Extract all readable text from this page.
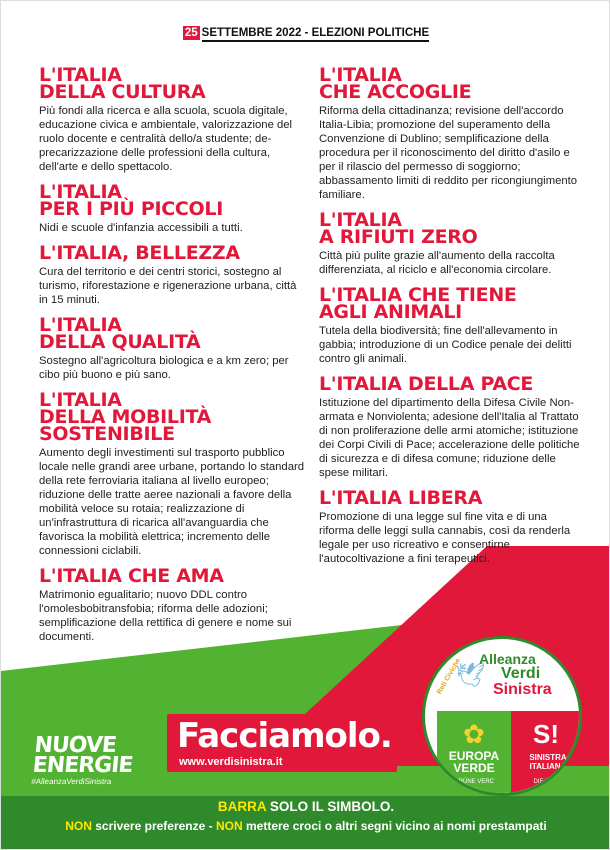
25 SETTEMBRE 2022 - ELEZIONI POLITICHE
L'ITALIA
DELLA CULTURA

Più fondi alla ricerca e alla scuola, scuola digitale, educazione civica e ambientale, valorizzazione del ruolo docente e centralità dello/a studente; de-precarizzazione delle professioni della cultura, dell'arte e dello spettacolo.

L'ITALIA
PER I PIÙ PICCOLI

Nidi e scuole d'infanzia accessibili a tutti.

L'ITALIA, BELLEZZA

Cura del territorio e dei centri storici, sostegno al turismo, riforestazione e rigenerazione urbana, città in 15 minuti.

L'ITALIA
DELLA QUALITÀ

Sostegno all'agricoltura biologica e a km zero; per cibo più buono e più sano.

L'ITALIA
DELLA MOBILITÀ
SOSTENIBILE

Aumento degli investimenti sul trasporto pubblico locale nelle grandi aree urbane, portando lo standard della rete ferroviaria italiana al livello europeo; riduzione delle tratte aeree nazionali a favore della mobilità veloce su rotaia; realizzazione di un'infrastruttura di ricarica all'avanguardia che favorisca la mobilità elettrica; incremento delle connessioni ciclabili.

L'ITALIA CHE AMA

Matrimonio egualitario; nuovo DDL contro l'omolesbobitransfobia; riforma delle adozioni; semplificazione della rettifica di genere e nome sui documenti.

L'ITALIA
CHE ACCOGLIE

Riforma della cittadinanza; revisione dell'accordo Italia-Libia; promozione del superamento della Convenzione di Dublino; semplificazione della procedura per il riconoscimento del diritto d'asilo e per il rilascio del permesso di soggiorno; abbassamento limiti di reddito per ricongiungimento familiare.

L'ITALIA
A RIFIUTI ZERO

Città più pulite grazie all'aumento della raccolta differenziata, al riciclo e all'economia circolare.

L'ITALIA CHE TIENE
AGLI ANIMALI

Tutela della biodiversità; fine dell'allevamento in gabbia; introduzione di un Codice penale dei delitti contro gli animali.

L'ITALIA DELLA PACE

Istituzione del dipartimento della Difesa Civile Non-armata e Nonviolenta; adesione dell'Italia al Trattato di non proliferazione delle armi atomiche; istituzione dei Corpi Civili di Pace; accelerazione delle politiche di sicurezza e di difesa comune; riduzione delle spese militari.

L'ITALIA LIBERA

Promozione di una legge sul fine vita e di una riforma delle leggi sulla cannabis, così da renderla legale per uso ricreativo e consentirne l'autocoltivazione a fini terapeutici.

NUOVE
ENERGIE
#AlleanzaVerdiSinistra
Facciamolo.
www.verdisinistra.it
🕊
Reti Civiche Alleanza
Verdi
Sinistra
✿
EUROPA
VERDE
GRÜNE VERC
S!
SINISTRA
ITALIANA
DIE LINKE
BARRA SOLO IL SIMBOLO.
NON scrivere preferenze - NON mettere croci o altri segni vicino ai nomi prestampati
